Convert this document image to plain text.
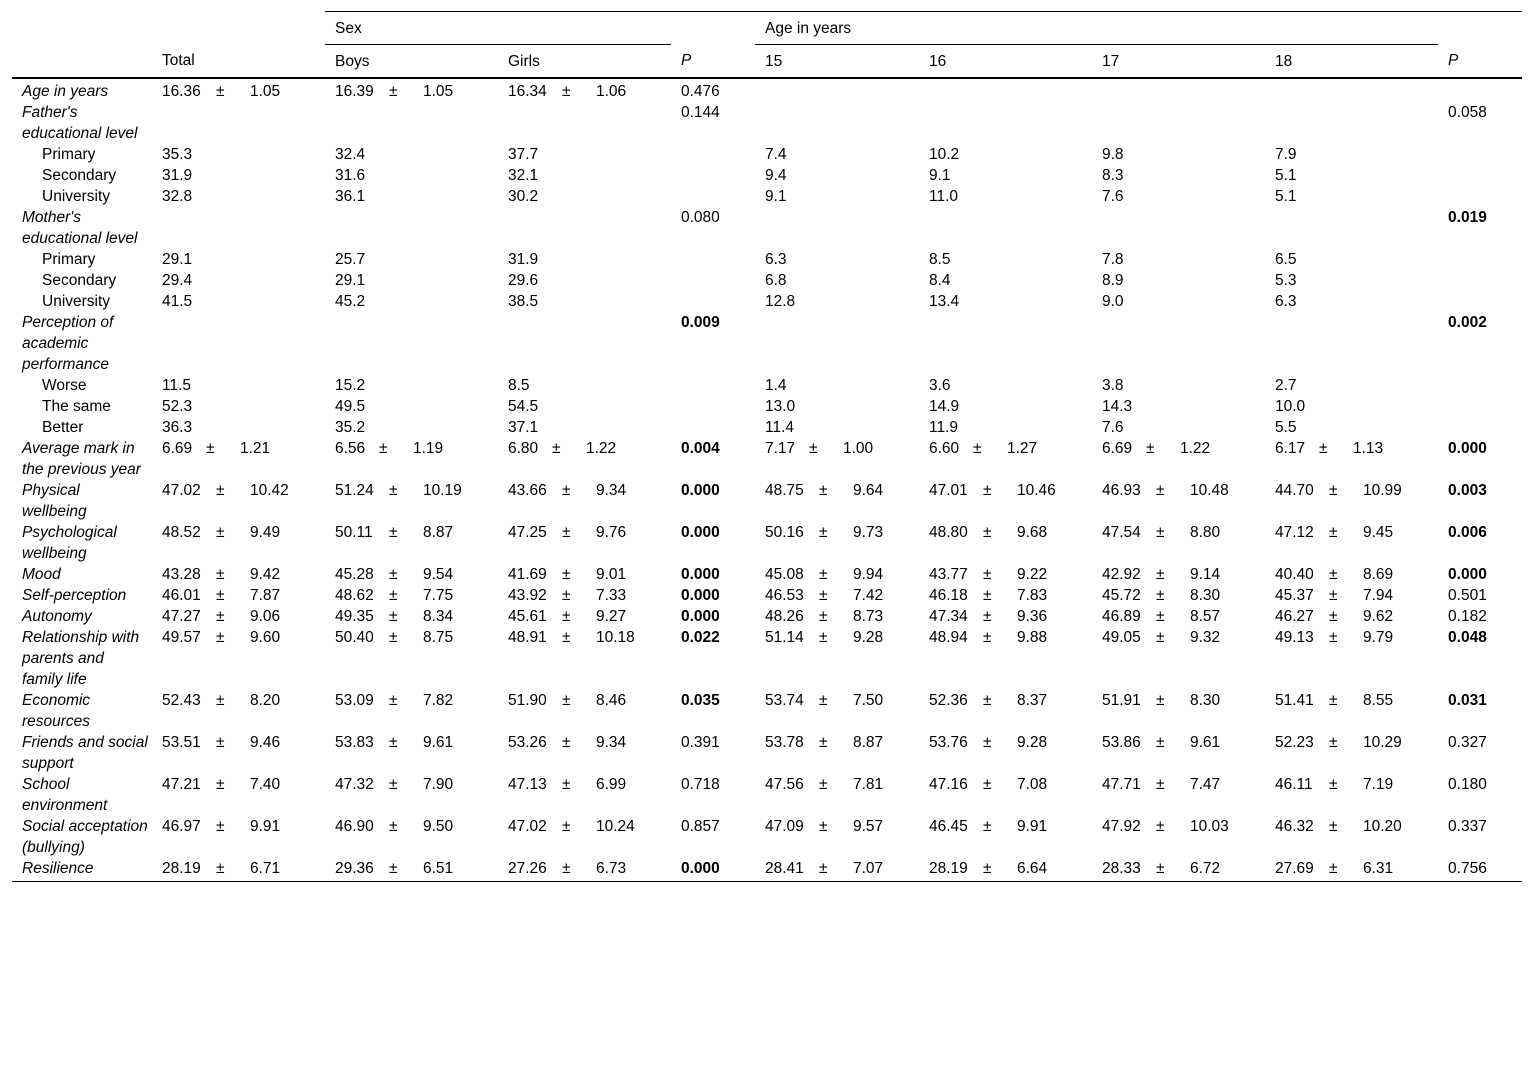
		Sex			Age in years				
	Total	Boys	Girls	P	15	16	17	18	P
Age in years	16.36 ± 1.05	16.39 ± 1.05	16.34 ± 1.06	0.476					
Father's educational level				0.144					0.058
Primary	35.3	32.4	37.7		7.4	10.2	9.8	7.9	
Secondary	31.9	31.6	32.1		9.4	9.1	8.3	5.1	
University	32.8	36.1	30.2		9.1	11.0	7.6	5.1	
Mother's educational level				0.080					0.019
Primary	29.1	25.7	31.9		6.3	8.5	7.8	6.5	
Secondary	29.4	29.1	29.6		6.8	8.4	8.9	5.3	
University	41.5	45.2	38.5		12.8	13.4	9.0	6.3	
Perception of academic performance				0.009					0.002
Worse	11.5	15.2	8.5		1.4	3.6	3.8	2.7	
The same	52.3	49.5	54.5		13.0	14.9	14.3	10.0	
Better	36.3	35.2	37.1		11.4	11.9	7.6	5.5	
Average mark in the previous year	6.69 ± 1.21	6.56 ± 1.19	6.80 ± 1.22	0.004	7.17 ± 1.00	6.60 ± 1.27	6.69 ± 1.22	6.17 ± 1.13	0.000
Physical wellbeing	47.02 ± 10.42	51.24 ± 10.19	43.66 ± 9.34	0.000	48.75 ± 9.64	47.01 ± 10.46	46.93 ± 10.48	44.70 ± 10.99	0.003
Psychological wellbeing	48.52 ± 9.49	50.11 ± 8.87	47.25 ± 9.76	0.000	50.16 ± 9.73	48.80 ± 9.68	47.54 ± 8.80	47.12 ± 9.45	0.006
Mood	43.28 ± 9.42	45.28 ± 9.54	41.69 ± 9.01	0.000	45.08 ± 9.94	43.77 ± 9.22	42.92 ± 9.14	40.40 ± 8.69	0.000
Self-perception	46.01 ± 7.87	48.62 ± 7.75	43.92 ± 7.33	0.000	46.53 ± 7.42	46.18 ± 7.83	45.72 ± 8.30	45.37 ± 7.94	0.501
Autonomy	47.27 ± 9.06	49.35 ± 8.34	45.61 ± 9.27	0.000	48.26 ± 8.73	47.34 ± 9.36	46.89 ± 8.57	46.27 ± 9.62	0.182
Relationship with parents and family life	49.57 ± 9.60	50.40 ± 8.75	48.91 ± 10.18	0.022	51.14 ± 9.28	48.94 ± 9.88	49.05 ± 9.32	49.13 ± 9.79	0.048
Economic resources	52.43 ± 8.20	53.09 ± 7.82	51.90 ± 8.46	0.035	53.74 ± 7.50	52.36 ± 8.37	51.91 ± 8.30	51.41 ± 8.55	0.031
Friends and social support	53.51 ± 9.46	53.83 ± 9.61	53.26 ± 9.34	0.391	53.78 ± 8.87	53.76 ± 9.28	53.86 ± 9.61	52.23 ± 10.29	0.327
School environment	47.21 ± 7.40	47.32 ± 7.90	47.13 ± 6.99	0.718	47.56 ± 7.81	47.16 ± 7.08	47.71 ± 7.47	46.11 ± 7.19	0.180
Social acceptation (bullying)	46.97 ± 9.91	46.90 ± 9.50	47.02 ± 10.24	0.857	47.09 ± 9.57	46.45 ± 9.91	47.92 ± 10.03	46.32 ± 10.20	0.337
Resilience	28.19 ± 6.71	29.36 ± 6.51	27.26 ± 6.73	0.000	28.41 ± 7.07	28.19 ± 6.64	28.33 ± 6.72	27.69 ± 6.31	0.756
